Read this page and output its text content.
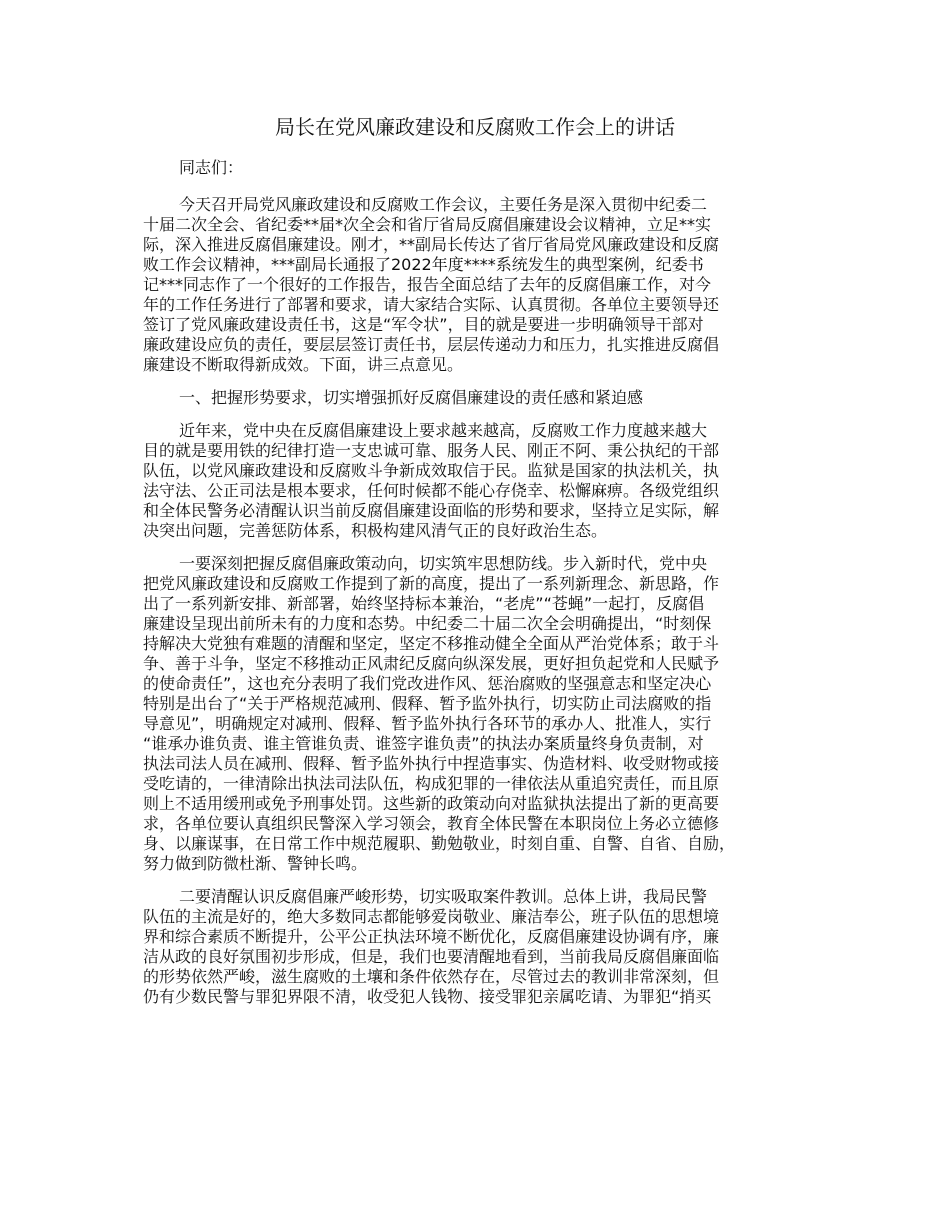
局长在党风廉政建设和反腐败工作会上的讲话
同志们：
今天召开局党风廉政建设和反腐败工作会议，主要任务是深入贯彻中纪委二
十届二次全会、省纪委**届*次全会和省厅省局反腐倡廉建设会议精神，立足**实
际，深入推进反腐倡廉建设。刚才，**副局长传达了省厅省局党风廉政建设和反腐
败工作会议精神，***副局长通报了2022年度****系统发生的典型案例，纪委书
记***同志作了一个很好的工作报告，报告全面总结了去年的反腐倡廉工作，对今
年的工作任务进行了部署和要求，请大家结合实际、认真贯彻。各单位主要领导还
签订了党风廉政建设责任书，这是“军令状”，目的就是要进一步明确领导干部对
廉政建设应负的责任，要层层签订责任书，层层传递动力和压力，扎实推进反腐倡
廉建设不断取得新成效。下面，讲三点意见。
一、把握形势要求，切实增强抓好反腐倡廉建设的责任感和紧迫感
近年来，党中央在反腐倡廉建设上要求越来越高，反腐败工作力度越来越大
目的就是要用铁的纪律打造一支忠诚可靠、服务人民、刚正不阿、秉公执纪的干部
队伍，以党风廉政建设和反腐败斗争新成效取信于民。监狱是国家的执法机关，执
法守法、公正司法是根本要求，任何时候都不能心存侥幸、松懈麻痹。各级党组织
和全体民警务必清醒认识当前反腐倡廉建设面临的形势和要求，坚持立足实际，解
决突出问题，完善惩防体系，积极构建风清气正的良好政治生态。
一要深刻把握反腐倡廉政策动向，切实筑牢思想防线。步入新时代，党中央
把党风廉政建设和反腐败工作提到了新的高度，提出了一系列新理念、新思路，作
出了一系列新安排、新部署，始终坚持标本兼治，“老虎”“苍蝇”一起打，反腐倡
廉建设呈现出前所未有的力度和态势。中纪委二十届二次全会明确提出，“时刻保
持解决大党独有难题的清醒和坚定，坚定不移推动健全全面从严治党体系；敢于斗
争、善于斗争，坚定不移推动正风肃纪反腐向纵深发展，更好担负起党和人民赋予
的使命责任”，这也充分表明了我们党改进作风、惩治腐败的坚强意志和坚定决心
特别是出台了“关于严格规范减刑、假释、暂予监外执行，切实防止司法腐败的指
导意见”，明确规定对减刑、假释、暂予监外执行各环节的承办人、批准人，实行
“谁承办谁负责、谁主管谁负责、谁签字谁负责”的执法办案质量终身负责制，对
执法司法人员在减刑、假释、暂予监外执行中捏造事实、伪造材料、收受财物或接
受吃请的，一律清除出执法司法队伍，构成犯罪的一律依法从重追究责任，而且原
则上不适用缓刑或免予刑事处罚。这些新的政策动向对监狱执法提出了新的更高要
求，各单位要认真组织民警深入学习领会，教育全体民警在本职岗位上务必立德修
身、以廉谋事，在日常工作中规范履职、勤勉敬业，时刻自重、自警、自省、自励，
努力做到防微杜渐、警钟长鸣。
二要清醒认识反腐倡廉严峻形势，切实吸取案件教训。总体上讲，我局民警
队伍的主流是好的，绝大多数同志都能够爱岗敬业、廉洁奉公，班子队伍的思想境
界和综合素质不断提升，公平公正执法环境不断优化，反腐倡廉建设协调有序，廉
洁从政的良好氛围初步形成，但是，我们也要清醒地看到，当前我局反腐倡廉面临
的形势依然严峻，滋生腐败的土壤和条件依然存在，尽管过去的教训非常深刻，但
仍有少数民警与罪犯界限不清，收受犯人钱物、接受罪犯亲属吃请、为罪犯“捎买
